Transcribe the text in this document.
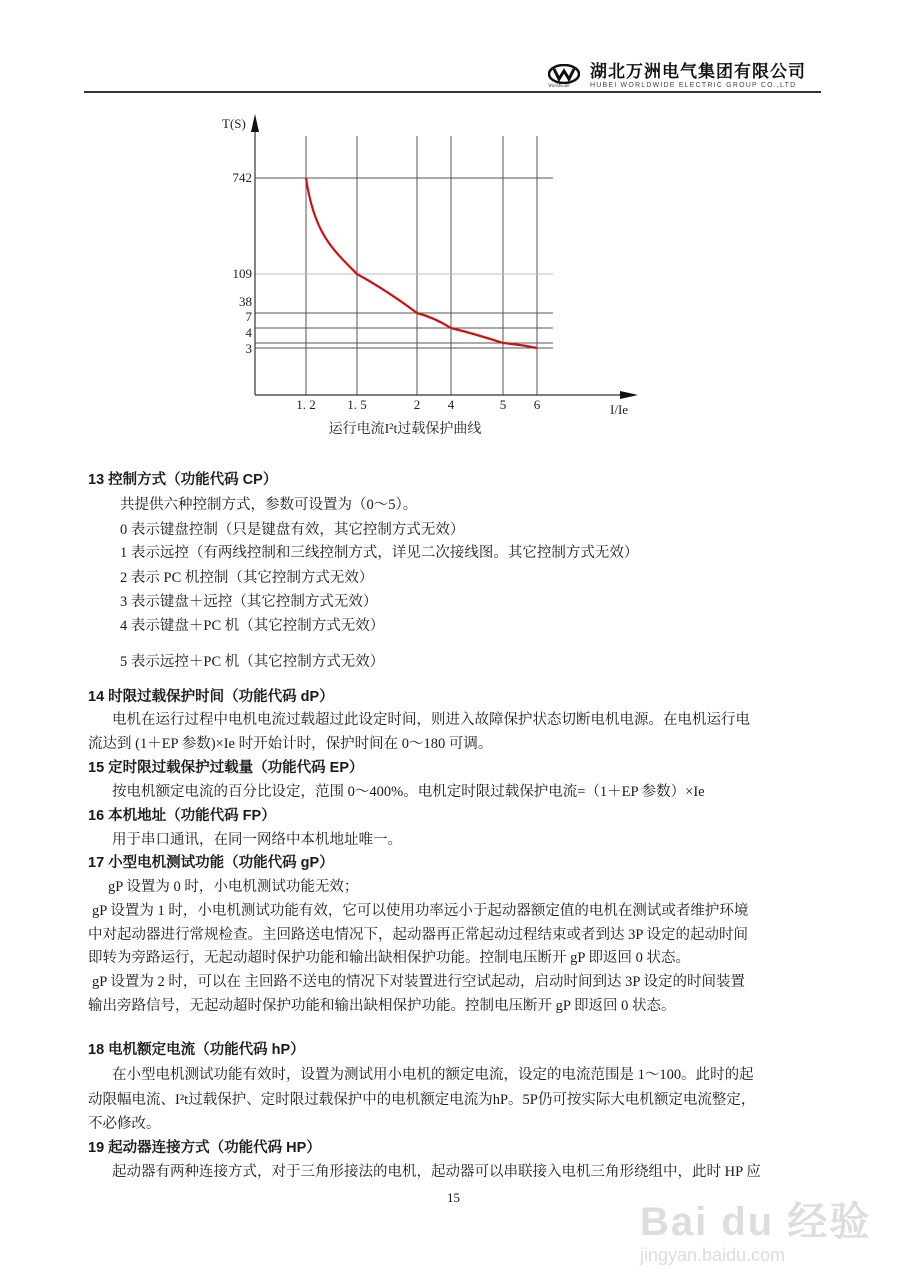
Worldwide
湖北万洲电气集团有限公司
HUBEI WORLDWIDE ELECTRIC GROUP CO.,LTD
1. 2 1. 5	2 4	5 6
742
109
38
7
4
3
T(S)
I/Ie
运行电流I²t过载保护曲线
13 控制方式（功能代码 CP）
共提供六种控制方式，参数可设置为（0～5）。
0 表示键盘控制（只是键盘有效，其它控制方式无效）
1 表示远控（有两线控制和三线控制方式，详见二次接线图。其它控制方式无效）
2 表示 PC 机控制（其它控制方式无效）
3 表示键盘＋远控（其它控制方式无效）
4 表示键盘＋PC 机（其它控制方式无效）
5 表示远控＋PC 机（其它控制方式无效）
14 时限过载保护时间（功能代码 dP）
电机在运行过程中电机电流过载超过此设定时间，则进入故障保护状态切断电机电源。在电机运行电
流达到 (1＋EP 参数)×Ie 时开始计时，保护时间在 0～180 可调。
15 定时限过载保护过载量（功能代码 EP）
按电机额定电流的百分比设定，范围 0～400%。电机定时限过载保护电流=（1＋EP 参数）×Ie
16 本机地址（功能代码 FP）
用于串口通讯，在同一网络中本机地址唯一。
17 小型电机测试功能（功能代码 gP）
gP 设置为 0 时，小电机测试功能无效；
gP 设置为 1 时，小电机测试功能有效，它可以使用功率远小于起动器额定值的电机在测试或者维护环境
中对起动器进行常规检查。主回路送电情况下，起动器再正常起动过程结束或者到达 3P 设定的起动时间
即转为旁路运行，无起动超时保护功能和输出缺相保护功能。控制电压断开 gP 即返回 0 状态。
gP 设置为 2 时，可以在 主回路不送电的情况下对装置进行空试起动，启动时间到达 3P 设定的时间装置
输出旁路信号，无起动超时保护功能和输出缺相保护功能。控制电压断开 gP 即返回 0 状态。
18 电机额定电流（功能代码 hP）
在小型电机测试功能有效时，设置为测试用小电机的额定电流，设定的电流范围是 1～100。此时的起
动限幅电流、I²t过载保护、定时限过载保护中的电机额定电流为hP。5P仍可按实际大电机额定电流整定，
不必修改。
19 起动器连接方式（功能代码 HP）
起动器有两种连接方式，对于三角形接法的电机，起动器可以串联接入电机三角形绕组中，此时 HP 应
15
Bai du 经验
jingyan.baidu.com
